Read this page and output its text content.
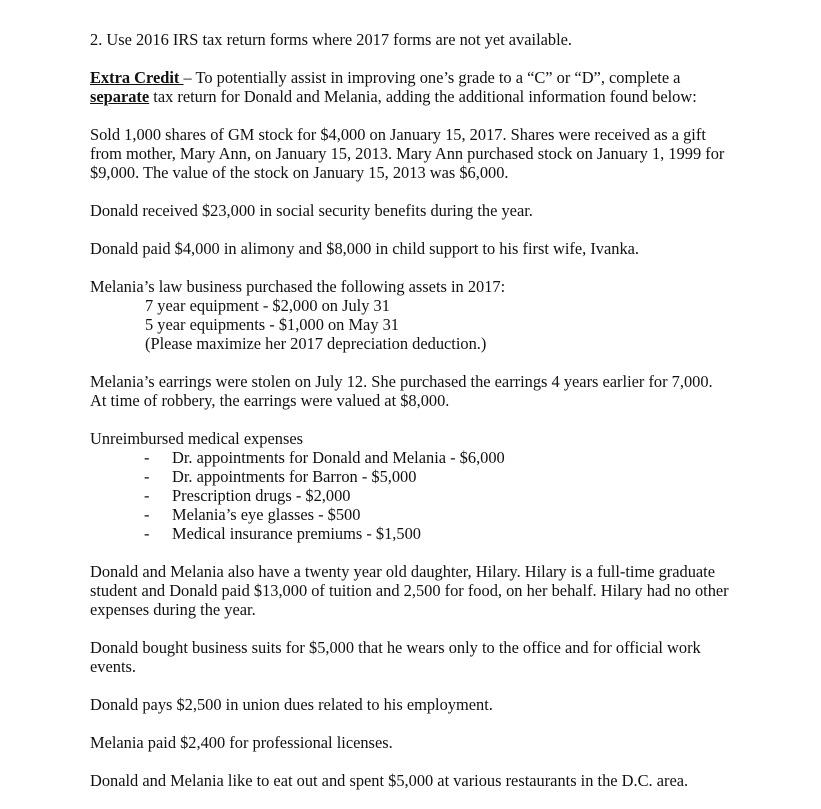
2. Use 2016 IRS tax return forms where 2017 forms are not yet available.

Extra Credit – To potentially assist in improving one’s grade to a “C” or “D”, complete a
separate tax return for Donald and Melania, adding the additional information found below:

Sold 1,000 shares of GM stock for $4,000 on January 15, 2017. Shares were received as a gift
from mother, Mary Ann, on January 15, 2013. Mary Ann purchased stock on January 1, 1999 for
$9,000. The value of the stock on January 15, 2013 was $6,000.

Donald received $23,000 in social security benefits during the year.

Donald paid $4,000 in alimony and $8,000 in child support to his first wife, Ivanka.

Melania’s law business purchased the following assets in 2017:
7 year equipment - $2,000 on July 31
5 year equipments - $1,000 on May 31
(Please maximize her 2017 depreciation deduction.)

Melania’s earrings were stolen on July 12. She purchased the earrings 4 years earlier for 7,000.
At time of robbery, the earrings were valued at $8,000.

Unreimbursed medical expenses
- Dr. appointments for Donald and Melania - $6,000
- Dr. appointments for Barron - $5,000
- Prescription drugs - $2,000
- Melania’s eye glasses - $500
- Medical insurance premiums - $1,500

Donald and Melania also have a twenty year old daughter, Hilary. Hilary is a full-time graduate
student and Donald paid $13,000 of tuition and 2,500 for food, on her behalf. Hilary had no other
expenses during the year.

Donald bought business suits for $5,000 that he wears only to the office and for official work
events.

Donald pays $2,500 in union dues related to his employment.

Melania paid $2,400 for professional licenses.

Donald and Melania like to eat out and spent $5,000 at various restaurants in the D.C. area.
